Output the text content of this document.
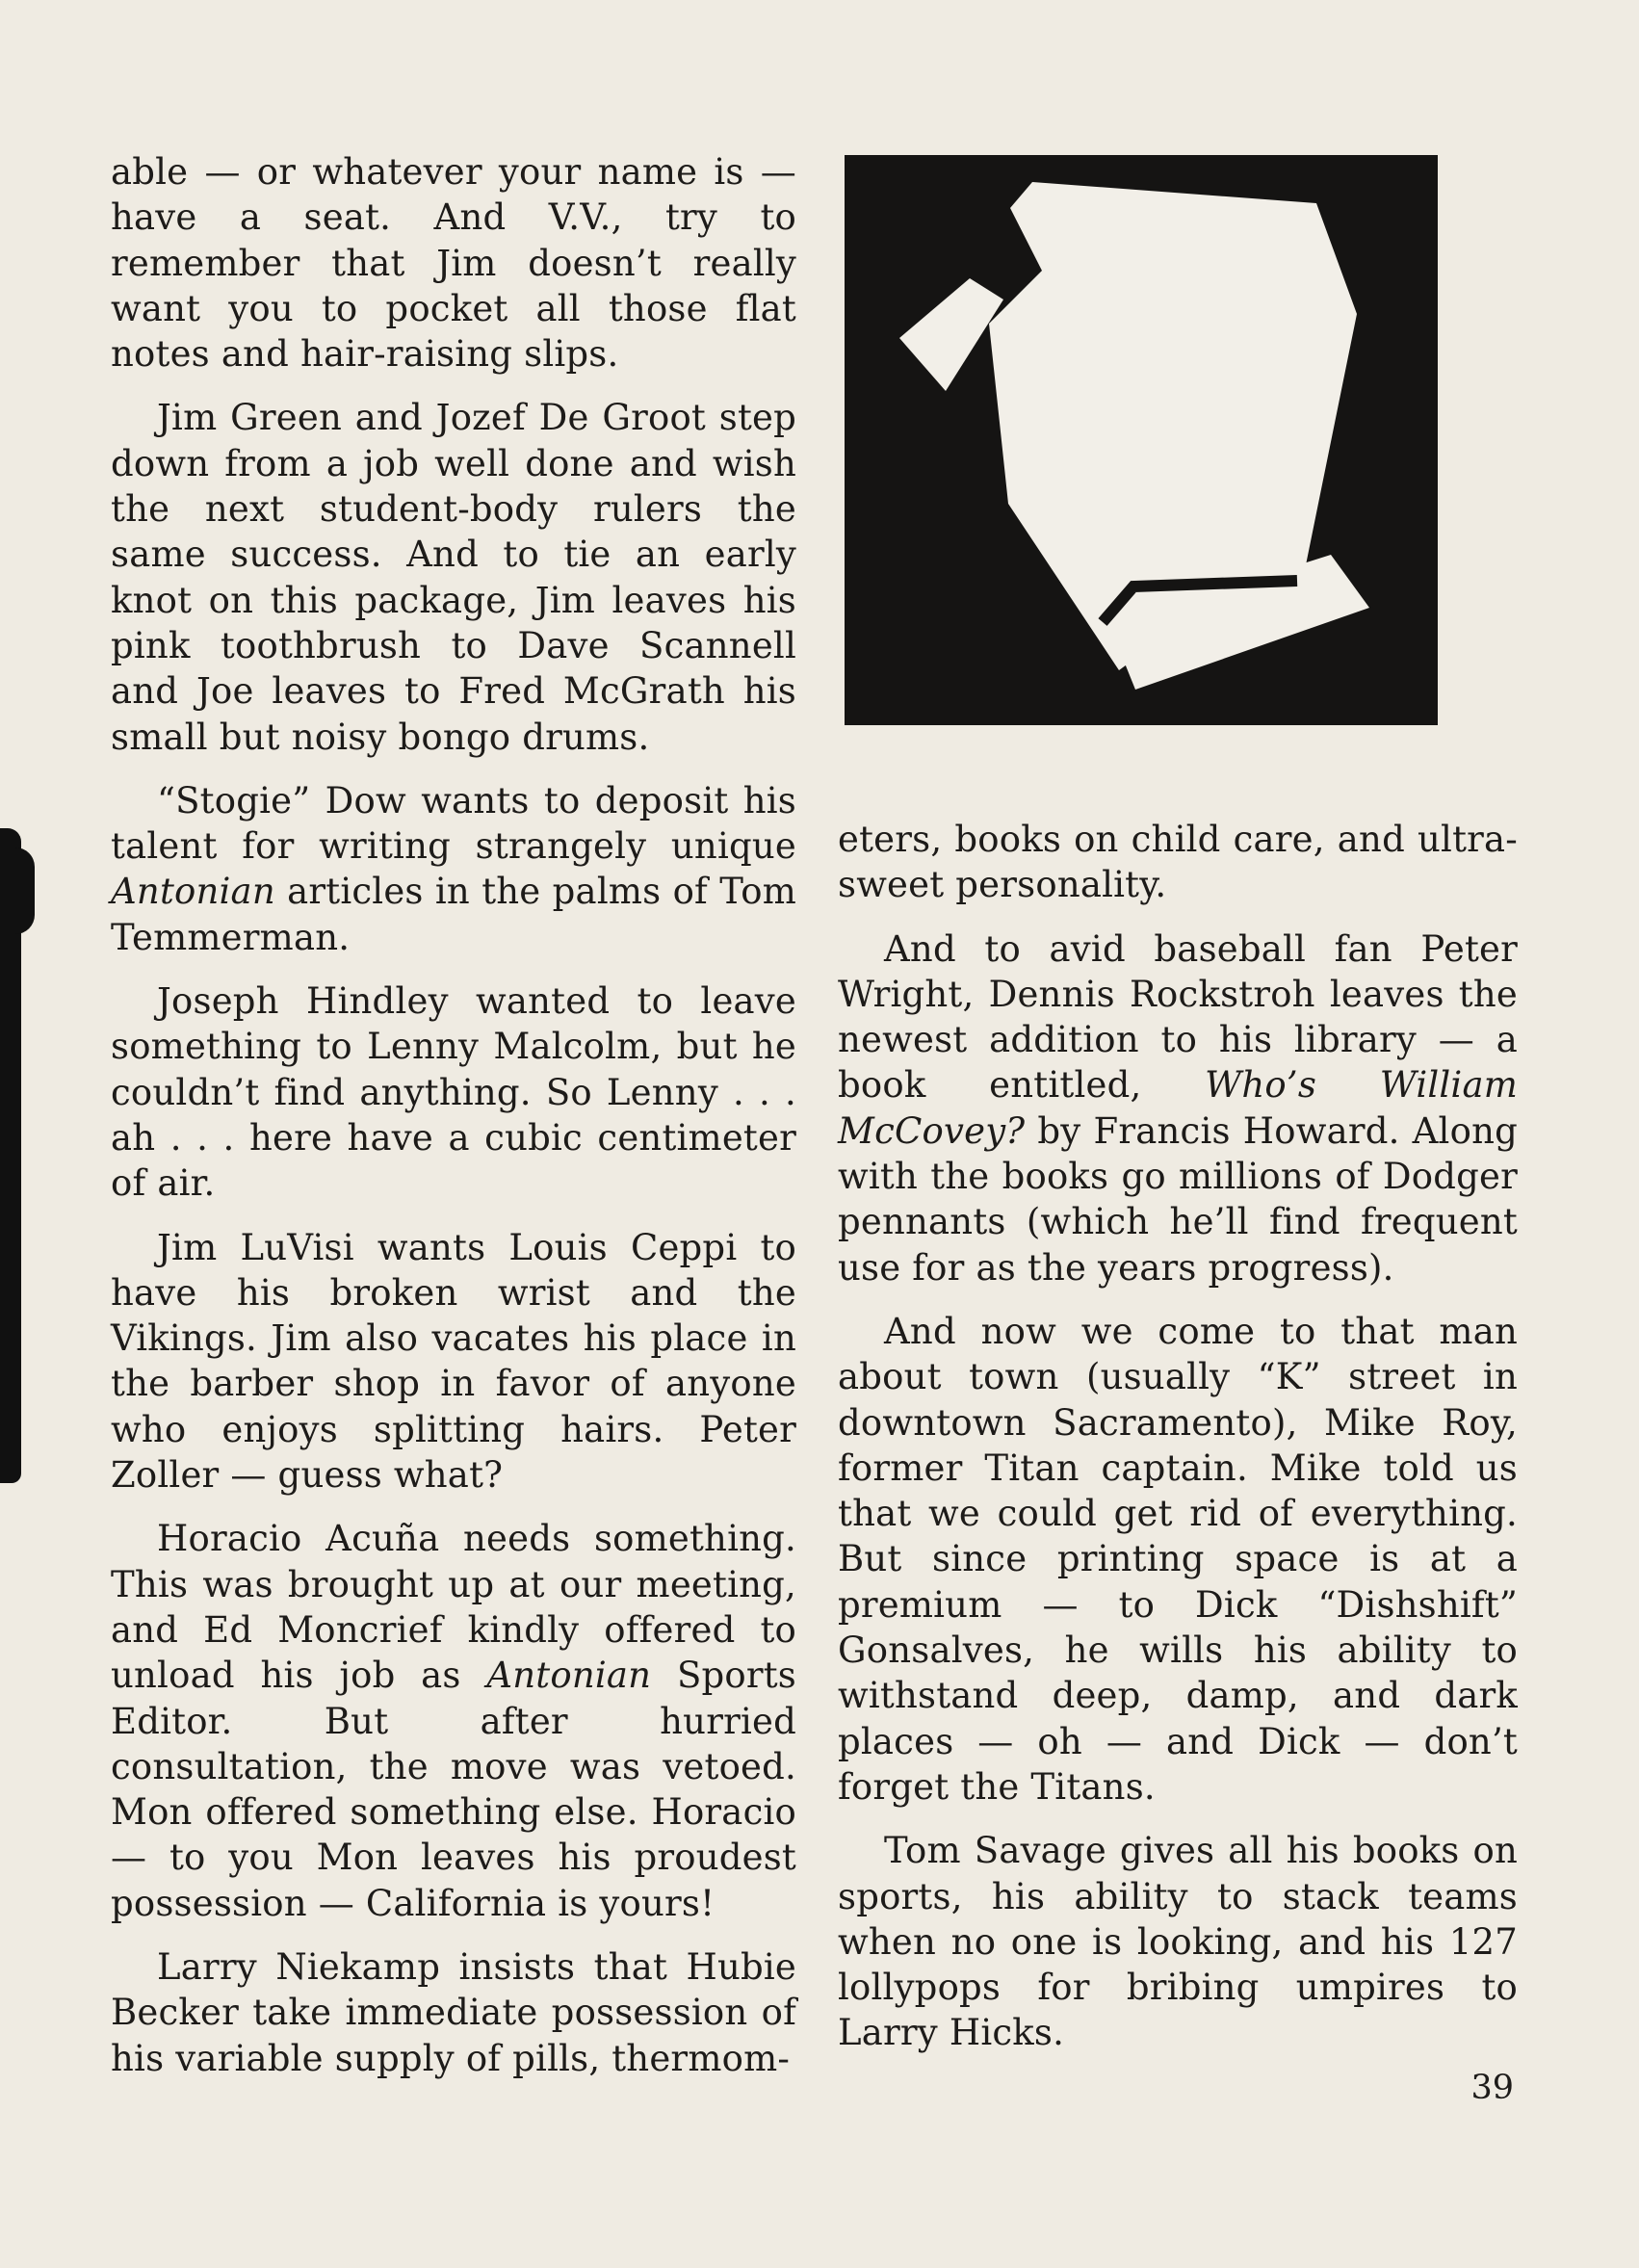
able — or whatever your name is — have a seat. And V.V., try to remember that Jim doesn’t really want you to pocket all those flat notes and hair-raising slips.

Jim Green and Jozef De Groot step down from a job well done and wish the next student-body rulers the same success. And to tie an early knot on this package, Jim leaves his pink toothbrush to Dave Scannell and Joe leaves to Fred McGrath his small but noisy bongo drums.

“Stogie” Dow wants to deposit his talent for writing strangely unique Antonian articles in the palms of Tom Temmerman.

Joseph Hindley wanted to leave something to Lenny Malcolm, but he couldn’t find anything. So Lenny . . . ah . . . here have a cubic centimeter of air.

Jim LuVisi wants Louis Ceppi to have his broken wrist and the Vikings. Jim also vacates his place in the barber shop in favor of anyone who enjoys splitting hairs. Peter Zoller — guess what?

Horacio Acuña needs something. This was brought up at our meeting, and Ed Moncrief kindly offered to unload his job as Antonian Sports Editor. But after hurried consultation, the move was vetoed. Mon offered something else. Horacio — to you Mon leaves his proudest possession — California is yours!

Larry Niekamp insists that Hubie Becker take immediate possession of his variable supply of pills, thermom-

eters, books on child care, and ultra-sweet personality.

And to avid baseball fan Peter Wright, Dennis Rockstroh leaves the newest addition to his library — a book entitled, Who’s William McCovey? by Francis Howard. Along with the books go millions of Dodger pennants (which he’ll find frequent use for as the years progress).

And now we come to that man about town (usually “K” street in downtown Sacramento), Mike Roy, former Titan captain. Mike told us that we could get rid of everything. But since printing space is at a premium — to Dick “Dishshift” Gonsalves, he wills his ability to withstand deep, damp, and dark places — oh — and Dick — don’t forget the Titans.

Tom Savage gives all his books on sports, his ability to stack teams when no one is looking, and his 127 lollypops for bribing umpires to Larry Hicks.

39
